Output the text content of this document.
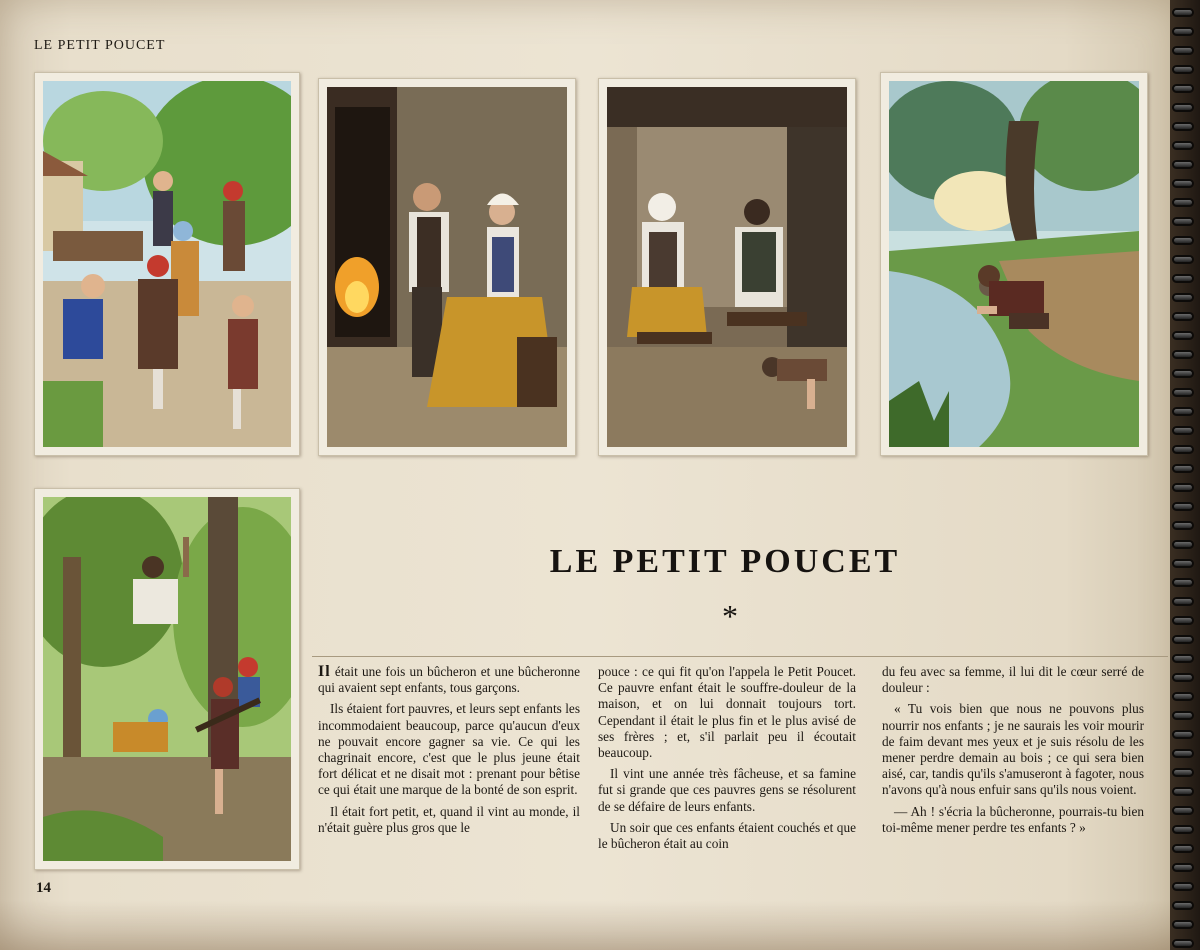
LE PETIT POUCET
LE PETIT POUCET
*

Il était une fois un bûcheron et une bûcheronne qui avaient sept enfants, tous garçons.

Ils étaient fort pauvres, et leurs sept enfants les incommodaient beaucoup, parce qu'aucun d'eux ne pouvait encore gagner sa vie. Ce qui les chagrinait encore, c'est que le plus jeune était fort délicat et ne disait mot : prenant pour bêtise ce qui était une marque de la bonté de son esprit.

Il était fort petit, et, quand il vint au monde, il n'était guère plus gros que le

pouce : ce qui fit qu'on l'appela le Petit Poucet. Ce pauvre enfant était le souffre-douleur de la maison, et on lui donnait toujours tort. Cependant il était le plus fin et le plus avisé de ses frères ; et, s'il parlait peu il écoutait beaucoup.

Il vint une année très fâcheuse, et sa famine fut si grande que ces pauvres gens se résolurent de se défaire de leurs enfants.

Un soir que ces enfants étaient couchés et que le bûcheron était au coin

du feu avec sa femme, il lui dit le cœur serré de douleur :

« Tu vois bien que nous ne pouvons plus nourrir nos enfants ; je ne saurais les voir mourir de faim devant mes yeux et je suis résolu de les mener perdre demain au bois ; ce qui sera bien aisé, car, tandis qu'ils s'amuseront à fagoter, nous n'avons qu'à nous enfuir sans qu'ils nous voient.

— Ah ! s'écria la bûcheronne, pourrais-tu bien toi-même mener perdre tes enfants ? »

14
